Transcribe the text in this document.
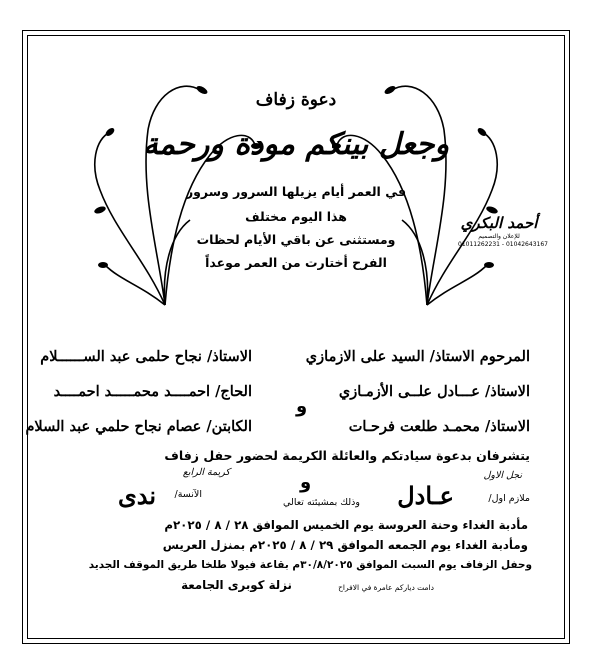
دعوة زفاف
وجعل بينكم مودة ورحمة
في العمر أيام يزيلها السرور وسرور
هذا اليوم مختلف
ومستثنى عن باقي الأيام لحظات
الفرح أختارت من العمر موعداً
أحمد البكري
للإعلان والتصميم
01011262231 - 01042643167
المرحوم الاستاذ/ السيد على الازمازي
الاستاذ/ عـــادل علــى الأزمـازي
الاستاذ/ محمـد طلعت فرحـات
الاستاذ/ نجاح حلمى عبد الســــــلام
الحاج/ احمــــد محمـــــد احمــــد
الكابتن/ عصام نجاح حلمي عبد السلام
و
يتشرفان بدعوة سيادتكم والعائلة الكريمة لحضور حفل زفاف
نجل الاول
كريمة الرابع
ملازم اول/
عـادل
و
وذلك بمشيئته تعالي
الآنسة/
ندى
مأدبة الغداء وحنة العروسة يوم الخميس الموافق ٢٨ / ٨ / ٢٠٢٥م
ومأدبة الغداء يوم الجمعه الموافق ٢٩ / ٨ / ٢٠٢٥م بمنزل العريس
وحفل الزفاف يوم السبت الموافق ٣٠/٨/٢٠٢٥م بقاعة فيولا طلخا طريق الموقف الجديد
نزلة كوبرى الجامعة	دامت دياركم عامرة في الافراح
